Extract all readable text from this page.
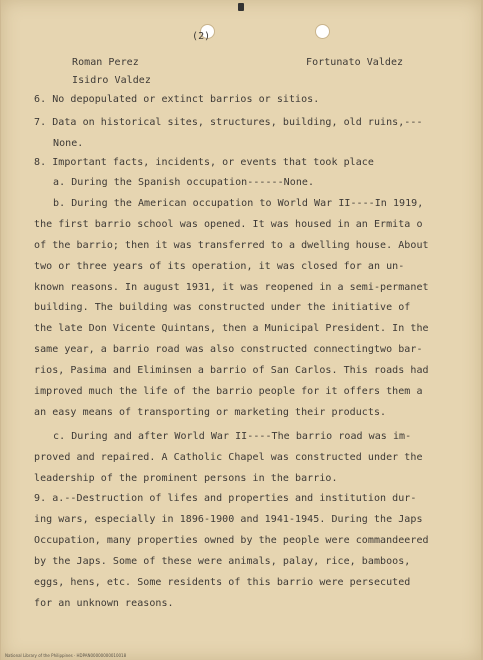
(2)
Roman Perez	Fortunato Valdez
Isidro Valdez
6. No depopulated or extinct barrios or sitios.
7. Data on historical sites, structures, building, old ruins,---
None.
8. Important facts, incidents, or events that took place
a. During the Spanish occupation------None.
b. During the American occupation to World War II----In 1919,
the first barrio school was opened. It was housed in an Ermita o
of the barrio; then it was transferred to a dwelling house. About
two or three years of its operation, it was closed for an un-
known reasons. In august 1931, it was reopened in a semi-permanet
building. The building was constructed under the initiative of
the late Don Vicente Quintans, then a Municipal President. In the
same year, a barrio road was also constructed connectingtwo bar-
rios, Pasima and Eliminsen a barrio of San Carlos. This roads had
improved much the life of the barrio people for it offers them a
an easy means of transporting or marketing their products.
c. During and after World War II----The barrio road was im-
proved and repaired. A Catholic Chapel was constructed under the
leadership of the prominent persons in the barrio.
9. a.--Destruction of lifes and properties and institution dur-
ing wars, especially in 1896-1900 and 1941-1945. During the Japs
Occupation, many properties owned by the people were commandeered
by the Japs. Some of these were animals, palay, rice, bamboos,
eggs, hens, etc. Some residents of this barrio were persecuted
for an unknown reasons.
National Library of the Philippines · HDPAN00000000010018
